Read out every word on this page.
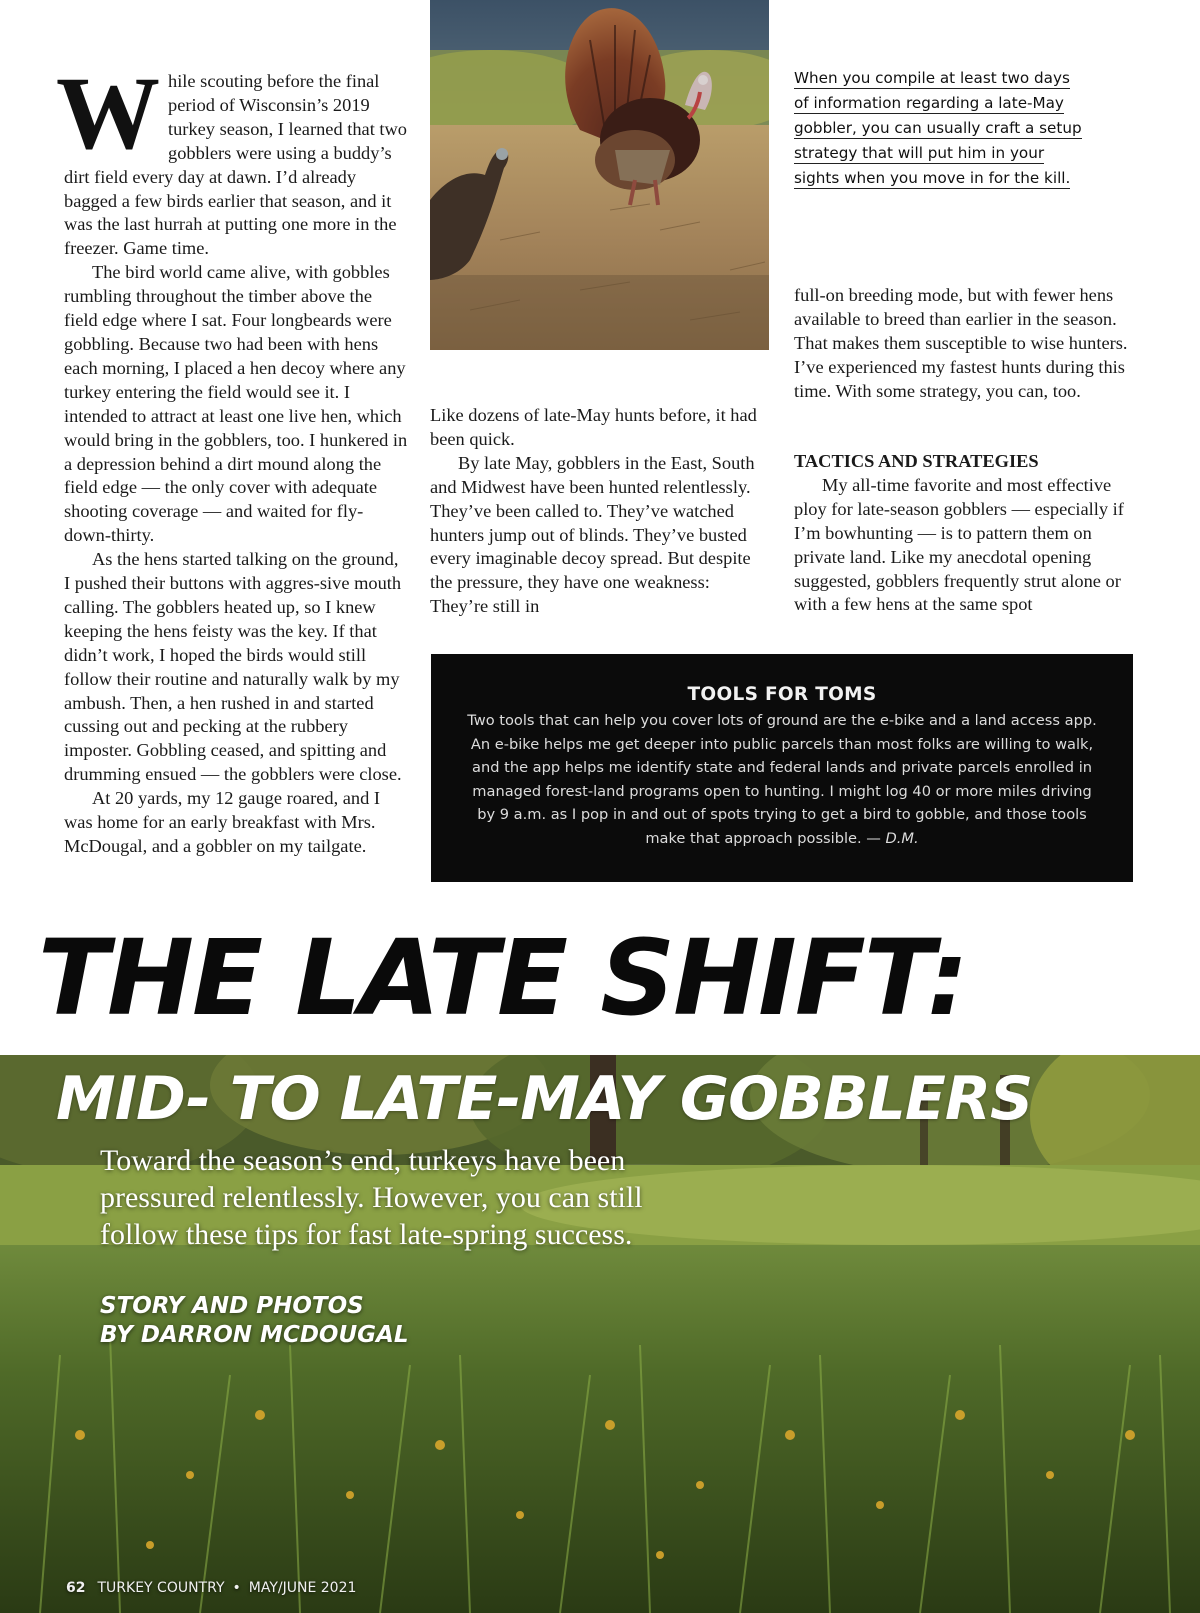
While scouting before the final period of Wisconsin’s 2019 turkey season, I learned that two gobblers were using a buddy’s dirt field every day at dawn. I’d already bagged a few birds earlier that season, and it was the last hurrah at putting one more in the freezer. Game time.

The bird world came alive, with gobbles rumbling throughout the timber above the field edge where I sat. Four longbeards were gobbling. Because two had been with hens each morning, I placed a hen decoy where any turkey entering the field would see it. I intended to attract at least one live hen, which would bring in the gobblers, too. I hunkered in a depression behind a dirt mound along the field edge — the only cover with adequate shooting coverage — and waited for fly-down-thirty.

As the hens started talking on the ground, I pushed their buttons with aggres-sive mouth calling. The gobblers heated up, so I knew keeping the hens feisty was the key. If that didn’t work, I hoped the birds would still follow their routine and naturally walk by my ambush. Then, a hen rushed in and started cussing out and pecking at the rubbery imposter. Gobbling ceased, and spitting and drumming ensued — the gobblers were close.

At 20 yards, my 12 gauge roared, and I was home for an early breakfast with Mrs. McDougal, and a gobbler on my tailgate.

Like dozens of late-May hunts before, it had been quick.

By late May, gobblers in the East, South and Midwest have been hunted relentlessly. They’ve been called to. They’ve watched hunters jump out of blinds. They’ve busted every imaginable decoy spread. But despite the pressure, they have one weakness: They’re still in

When you compile at least two days
of information regarding a late-May
gobbler, you can usually craft a setup
strategy that will put him in your
sights when you move in for the kill.

full-on breeding mode, but with fewer hens available to breed than earlier in the season. That makes them susceptible to wise hunters. I’ve experienced my fastest hunts during this time. With some strategy, you can, too.

TACTICS AND STRATEGIES

My all-time favorite and most effective ploy for late-season gobblers — especially if I’m bowhunting — is to pattern them on private land. Like my anecdotal opening suggested, gobblers frequently strut alone or with a few hens at the same spot

TOOLS FOR TOMS

Two tools that can help you cover lots of ground are the e-bike and a land access app. An e-bike helps me get deeper into public parcels than most folks are willing to walk, and the app helps me identify state and federal lands and private parcels enrolled in managed forest-land programs open to hunting. I might log 40 or more miles driving by 9 a.m. as I pop in and out of spots trying to get a bird to gobble, and those tools make that approach possible. — D.M.

THE LATE SHIFT:
MID- TO LATE-MAY GOBBLERS

Toward the season’s end, turkeys have been pressured relentlessly. However, you can still follow these tips for fast late-spring success.

STORY AND PHOTOS
BY DARRON MCDOUGAL

62 TURKEY COUNTRY • MAY/JUNE 2021
